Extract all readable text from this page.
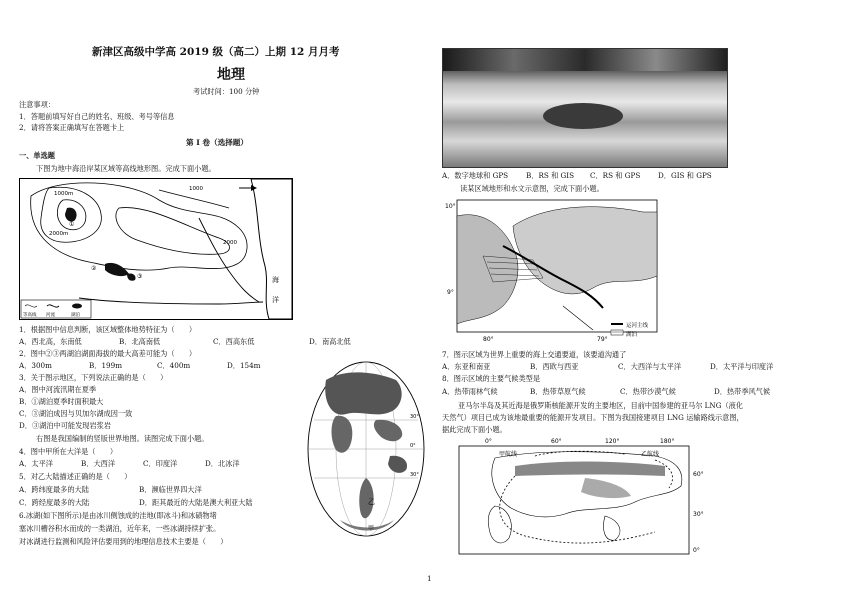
新津区高级中学高 2019 级（高二）上期 12 月月考
地理
考试时间：100 分钟
注意事项：
1．答题前填写好自己的姓名、班级、考号等信息
2．请将答案正确填写在答题卡上
第 I 卷（选择题）
一、单选题
下图为地中海沿岸某区域等高线地形图。完成下面小题。
1000m
2000m
1000
2000
①
②
③	海
洋
等高线 河流	湖泊
1．根据图中信息判断，该区域整体地势特征为（　　）
A．西北高，东南低	B．北高南低	C．西高东低	D．南高北低
2．图中②③两湖泊湖面海拔的最大高差可能为（　　）
A．300m	B．199m	C．400m	D．154m
3．关于图示地区，下列说法正确的是（　　）
A．图中河流汛期在夏季
B．①湖泊夏季时面积最大
C．③湖泊成因与贝加尔湖成因一致
D．③湖泊中可能发现岩浆岩
右图是我国编制的竖版世界地图。读图完成下面小题。
4．图中甲所在大洋是（　　）
A．太平洋	B．大西洋	C．印度洋	D．北冰洋
5．对乙大陆描述正确的是（　　）
A．跨纬度最多的大陆	B．濒临世界四大洋
C．跨经度最多的大陆	D．距其最近的大陆是澳大利亚大陆
6.冰湖(如下图所示)是由冰川侧蚀成的洼地(即冰斗)和冰碛物堵
塞冰川槽谷积水而成的一类湖泊，近年来，一些冰湖持续扩张。
对冰湖进行监测和风险评估要用到的地理信息技术主要是（　　）
乙
甲
30°
0°
30°
A．数字地球和 GPS B．RS 和 GIS C．RS 和 GPS D．GIS 和 GPS
读某区域地形和水文示意图，完成下面小题。
10°
9°
80°	79°
运河主线
湖泊
7．图示区域为世界上重要的海上交通要道，该要道沟通了
A．东亚和南亚	B．西欧与西亚	C．大西洋与太平洋	D．太平洋与印度洋
8．图示区域的主要气候类型是
A．热带雨林气候	B．热带草原气候	C．热带沙漠气候	D．热带季风气候
亚马尔半岛及其近海是俄罗斯核能源开发的主要地区，目前中国参建的亚马尔 LNG（液化
天然气）项目已成为该地最重要的能源开发项目。下图为我国接建项目 LNG 运输路线示意图，
据此完成下面小题。
0°	60°	120°	180°
60°
30°
0°
甲航线	乙航线
1
